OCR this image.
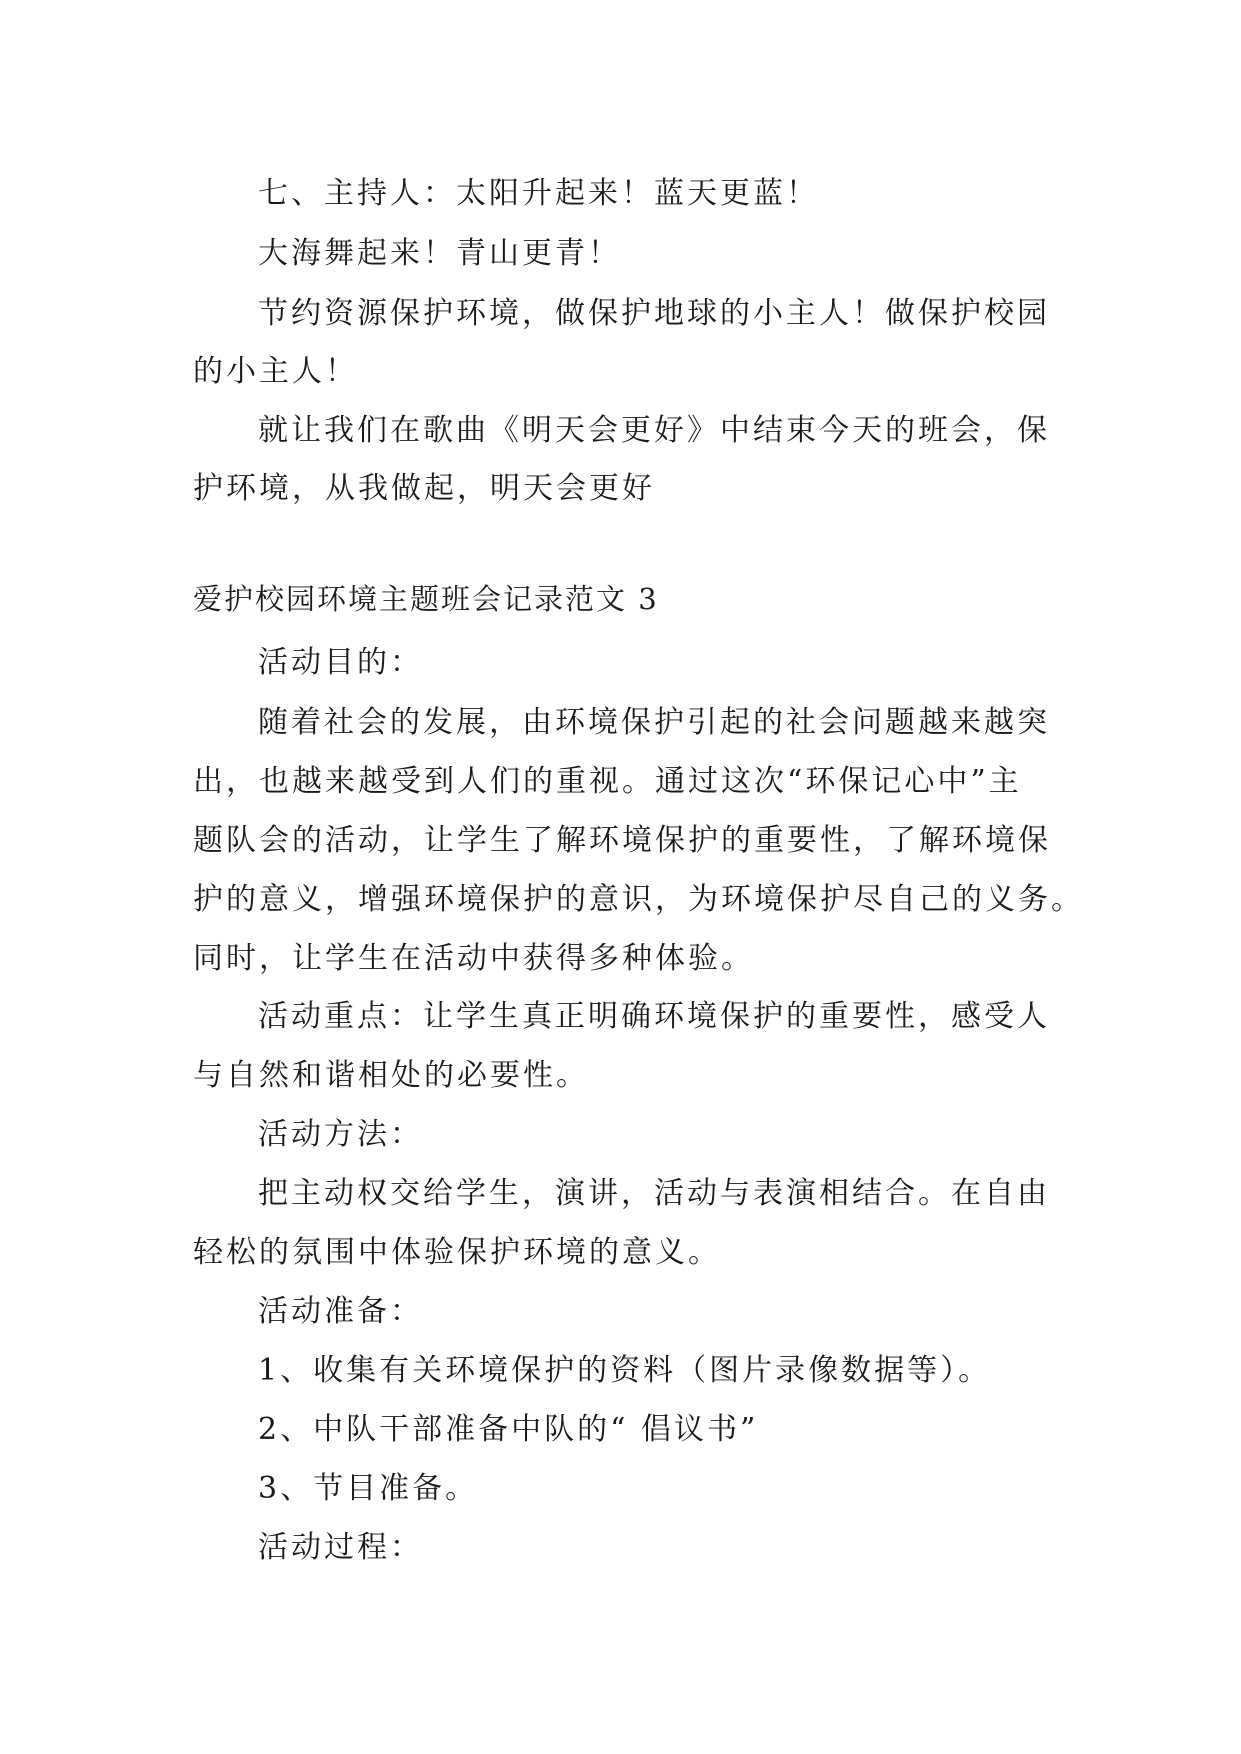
七、主持人：太阳升起来！蓝天更蓝！
大海舞起来！青山更青！
节约资源保护环境，做保护地球的小主人！做保护校园
的小主人！
就让我们在歌曲《明天会更好》中结束今天的班会，保
护环境，从我做起，明天会更好
爱护校园环境主题班会记录范文 3
活动目的：
随着社会的发展，由环境保护引起的社会问题越来越突
出，也越来越受到人们的重视。通过这次“环保记心中”主
题队会的活动，让学生了解环境保护的重要性，了解环境保
护的意义，增强环境保护的意识，为环境保护尽自己的义务。
同时，让学生在活动中获得多种体验。
活动重点：让学生真正明确环境保护的重要性，感受人
与自然和谐相处的必要性。
活动方法：
把主动权交给学生，演讲，活动与表演相结合。在自由
轻松的氛围中体验保护环境的意义。
活动准备：
1、收集有关环境保护的资料（图片录像数据等）。
2、中队干部准备中队的“ 倡议书”
3、节目准备。
活动过程：
